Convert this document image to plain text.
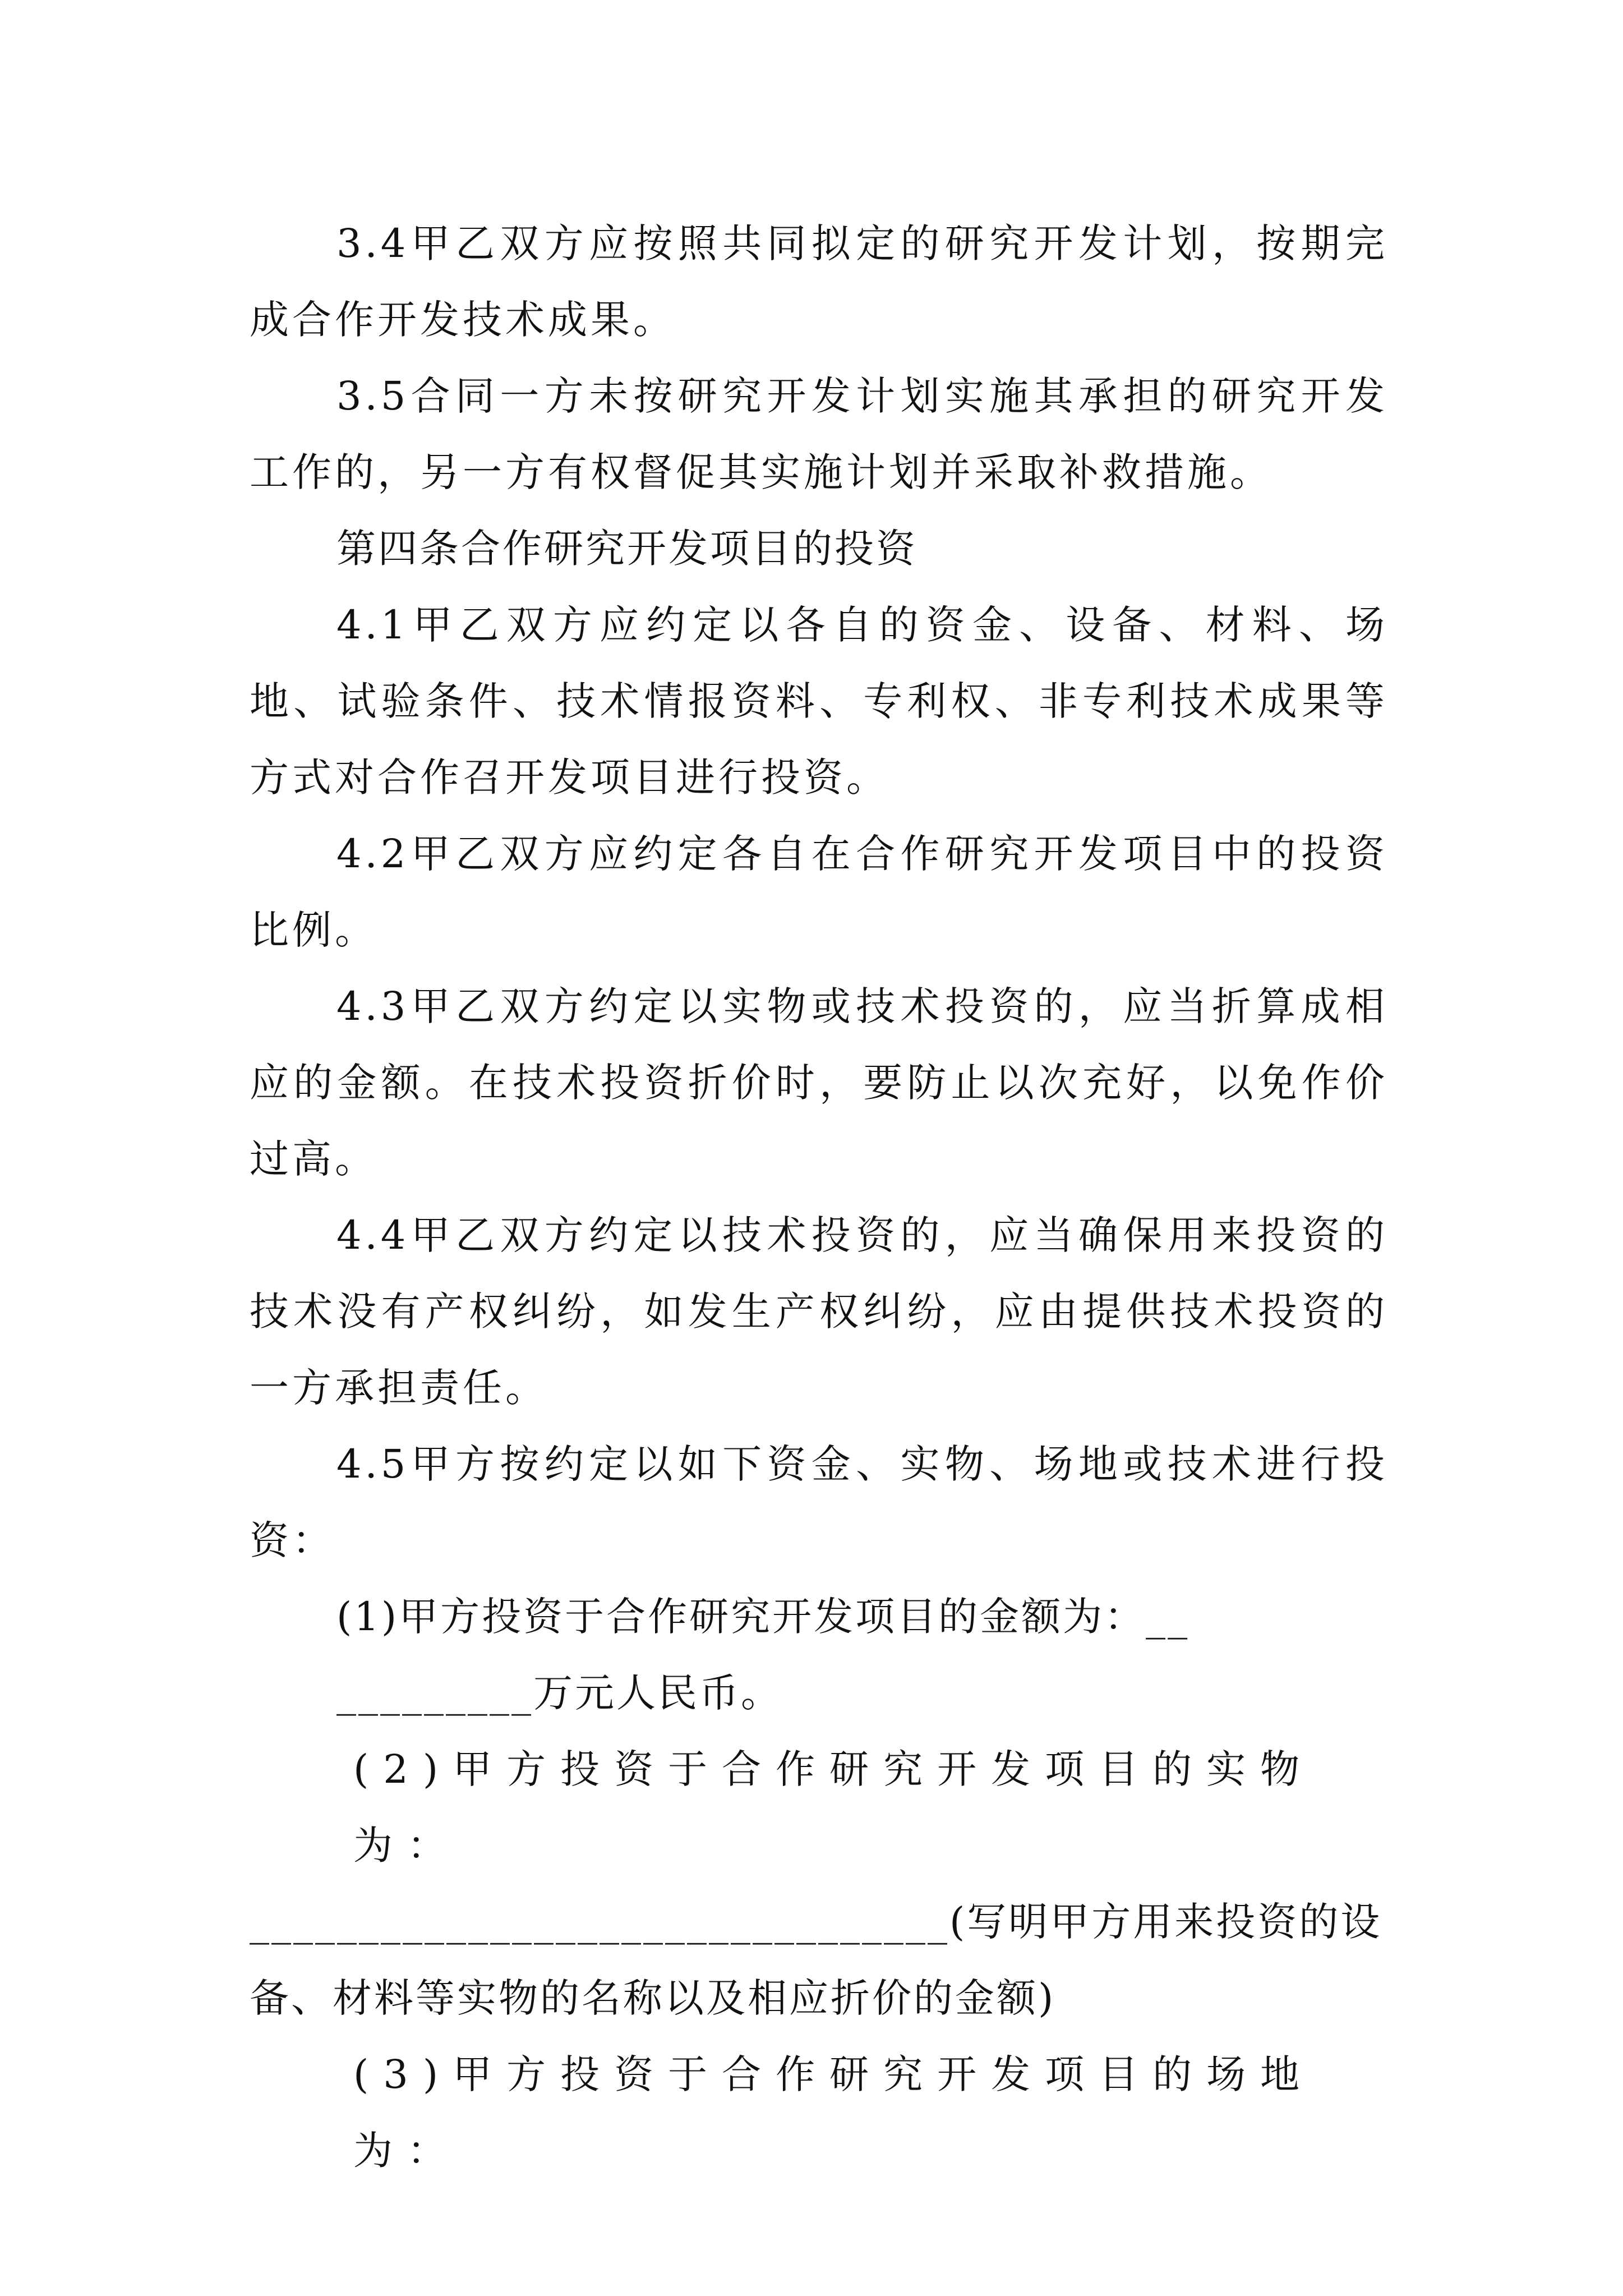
3.4甲乙双方应按照共同拟定的研究开发计划，按期完成合作开发技术成果。

3.5合同一方未按研究开发计划实施其承担的研究开发工作的，另一方有权督促其实施计划并采取补救措施。

第四条合作研究开发项目的投资

4.1甲乙双方应约定以各自的资金、设备、材料、场地、试验条件、技术情报资料、专利权、非专利技术成果等方式对合作召开发项目进行投资。

4.2甲乙双方应约定各自在合作研究开发项目中的投资比例。

4.3甲乙双方约定以实物或技术投资的，应当折算成相应的金额。在技术投资折价时，要防止以次充好，以免作价过高。

4.4甲乙双方约定以技术投资的，应当确保用来投资的技术没有产权纠纷，如发生产权纠纷，应由提供技术投资的一方承担责任。

4.5甲方按约定以如下资金、实物、场地或技术进行投资：

(1)甲方投资于合作研究开发项目的金额为：__

_________万元人民币。

(2)甲方投资于合作研究开发项目的实物为：

________________________________(写明甲方用来投资的设

备、材料等实物的名称以及相应折价的金额)

(3)甲方投资于合作研究开发项目的场地为：
